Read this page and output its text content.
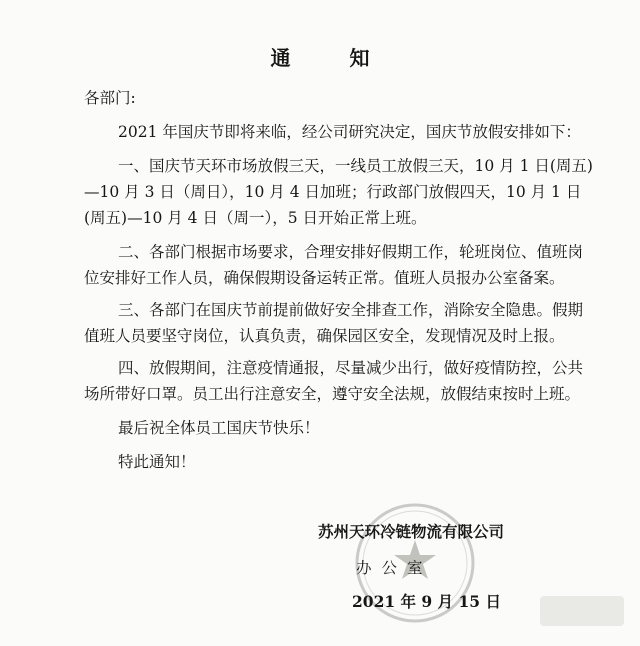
通 知
各部门:
2021 年国庆节即将来临，经公司研究决定，国庆节放假安排如下：
一、国庆节天环市场放假三天，一线员工放假三天，10 月 1 日(周五)
—10 月 3 日（周日），10 月 4 日加班；行政部门放假四天，10 月 1 日
(周五)—10 月 4 日（周一），5 日开始正常上班。
二、各部门根据市场要求，合理安排好假期工作，轮班岗位、值班岗
位安排好工作人员，确保假期设备运转正常。值班人员报办公室备案。
三、各部门在国庆节前提前做好安全排查工作，消除安全隐患。假期
值班人员要坚守岗位，认真负责，确保园区安全，发现情况及时上报。
四、放假期间，注意疫情通报，尽量减少出行，做好疫情防控，公共
场所带好口罩。员工出行注意安全，遵守安全法规，放假结束按时上班。
最后祝全体员工国庆节快乐！
特此通知！
苏州天环冷链物流有限公司
办公室
2021 年 9 月 15 日
